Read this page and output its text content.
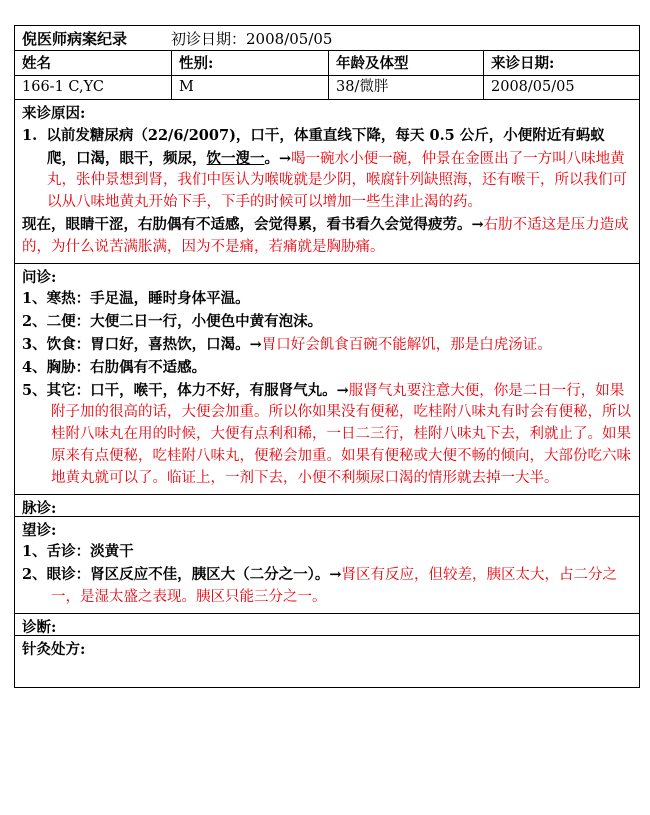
倪医师病案纪录	初诊日期：2008/05/05
姓名	性别:	年龄及体型	来诊日期:
166-1 C,YC	M	38/微胖	2008/05/05

来诊原因:

1. 以前发糖尿病（22/6/2007)，口干，体重直线下降，每天 0.5 公斤，小便附近有蚂蚁爬，口渴，眼干，频尿，饮一溲一。→喝一碗水小便一碗，仲景在金匮出了一方叫八味地黄丸，张仲景想到肾，我们中医认为喉咙就是少阴，喉腐针列缺照海，还有喉干，所以我们可以从八味地黄丸开始下手，下手的时候可以增加一些生津止渴的药。

现在，眼睛干涩，右肋偶有不适感，会觉得累，看书看久会觉得疲劳。→右肋不适这是压力造成的，为什么说苦满胀满，因为不是痛，若痛就是胸胁痛。

问诊:

1、寒热：手足温，睡时身体平温。

2、二便：大便二日一行，小便色中黄有泡沫。

3、饮食：胃口好，喜热饮，口渴。→胃口好会飢食百碗不能解饥，那是白虎汤证。

4、胸胁：右肋偶有不适感。

5、其它：口干，喉干，体力不好，有服肾气丸。→服肾气丸要注意大便，你是二日一行，如果附子加的很高的话，大便会加重。所以你如果没有便秘，吃桂附八味丸有时会有便秘，所以桂附八味丸在用的时候，大便有点利和稀，一日二三行，桂附八味丸下去，利就止了。如果原来有点便秘，吃桂附八味丸，便秘会加重。如果有便秘或大便不畅的倾向，大部份吃六味地黄丸就可以了。临证上，一剂下去，小便不利频尿口渴的情形就去掉一大半。

脉诊:

望诊:

1、舌诊：淡黄干

2、眼诊：肾区反应不佳，胰区大（二分之一）。→肾区有反应，但较差，胰区太大，占二分之一，是湿太盛之表现。胰区只能三分之一。

诊断:

针灸处方:
